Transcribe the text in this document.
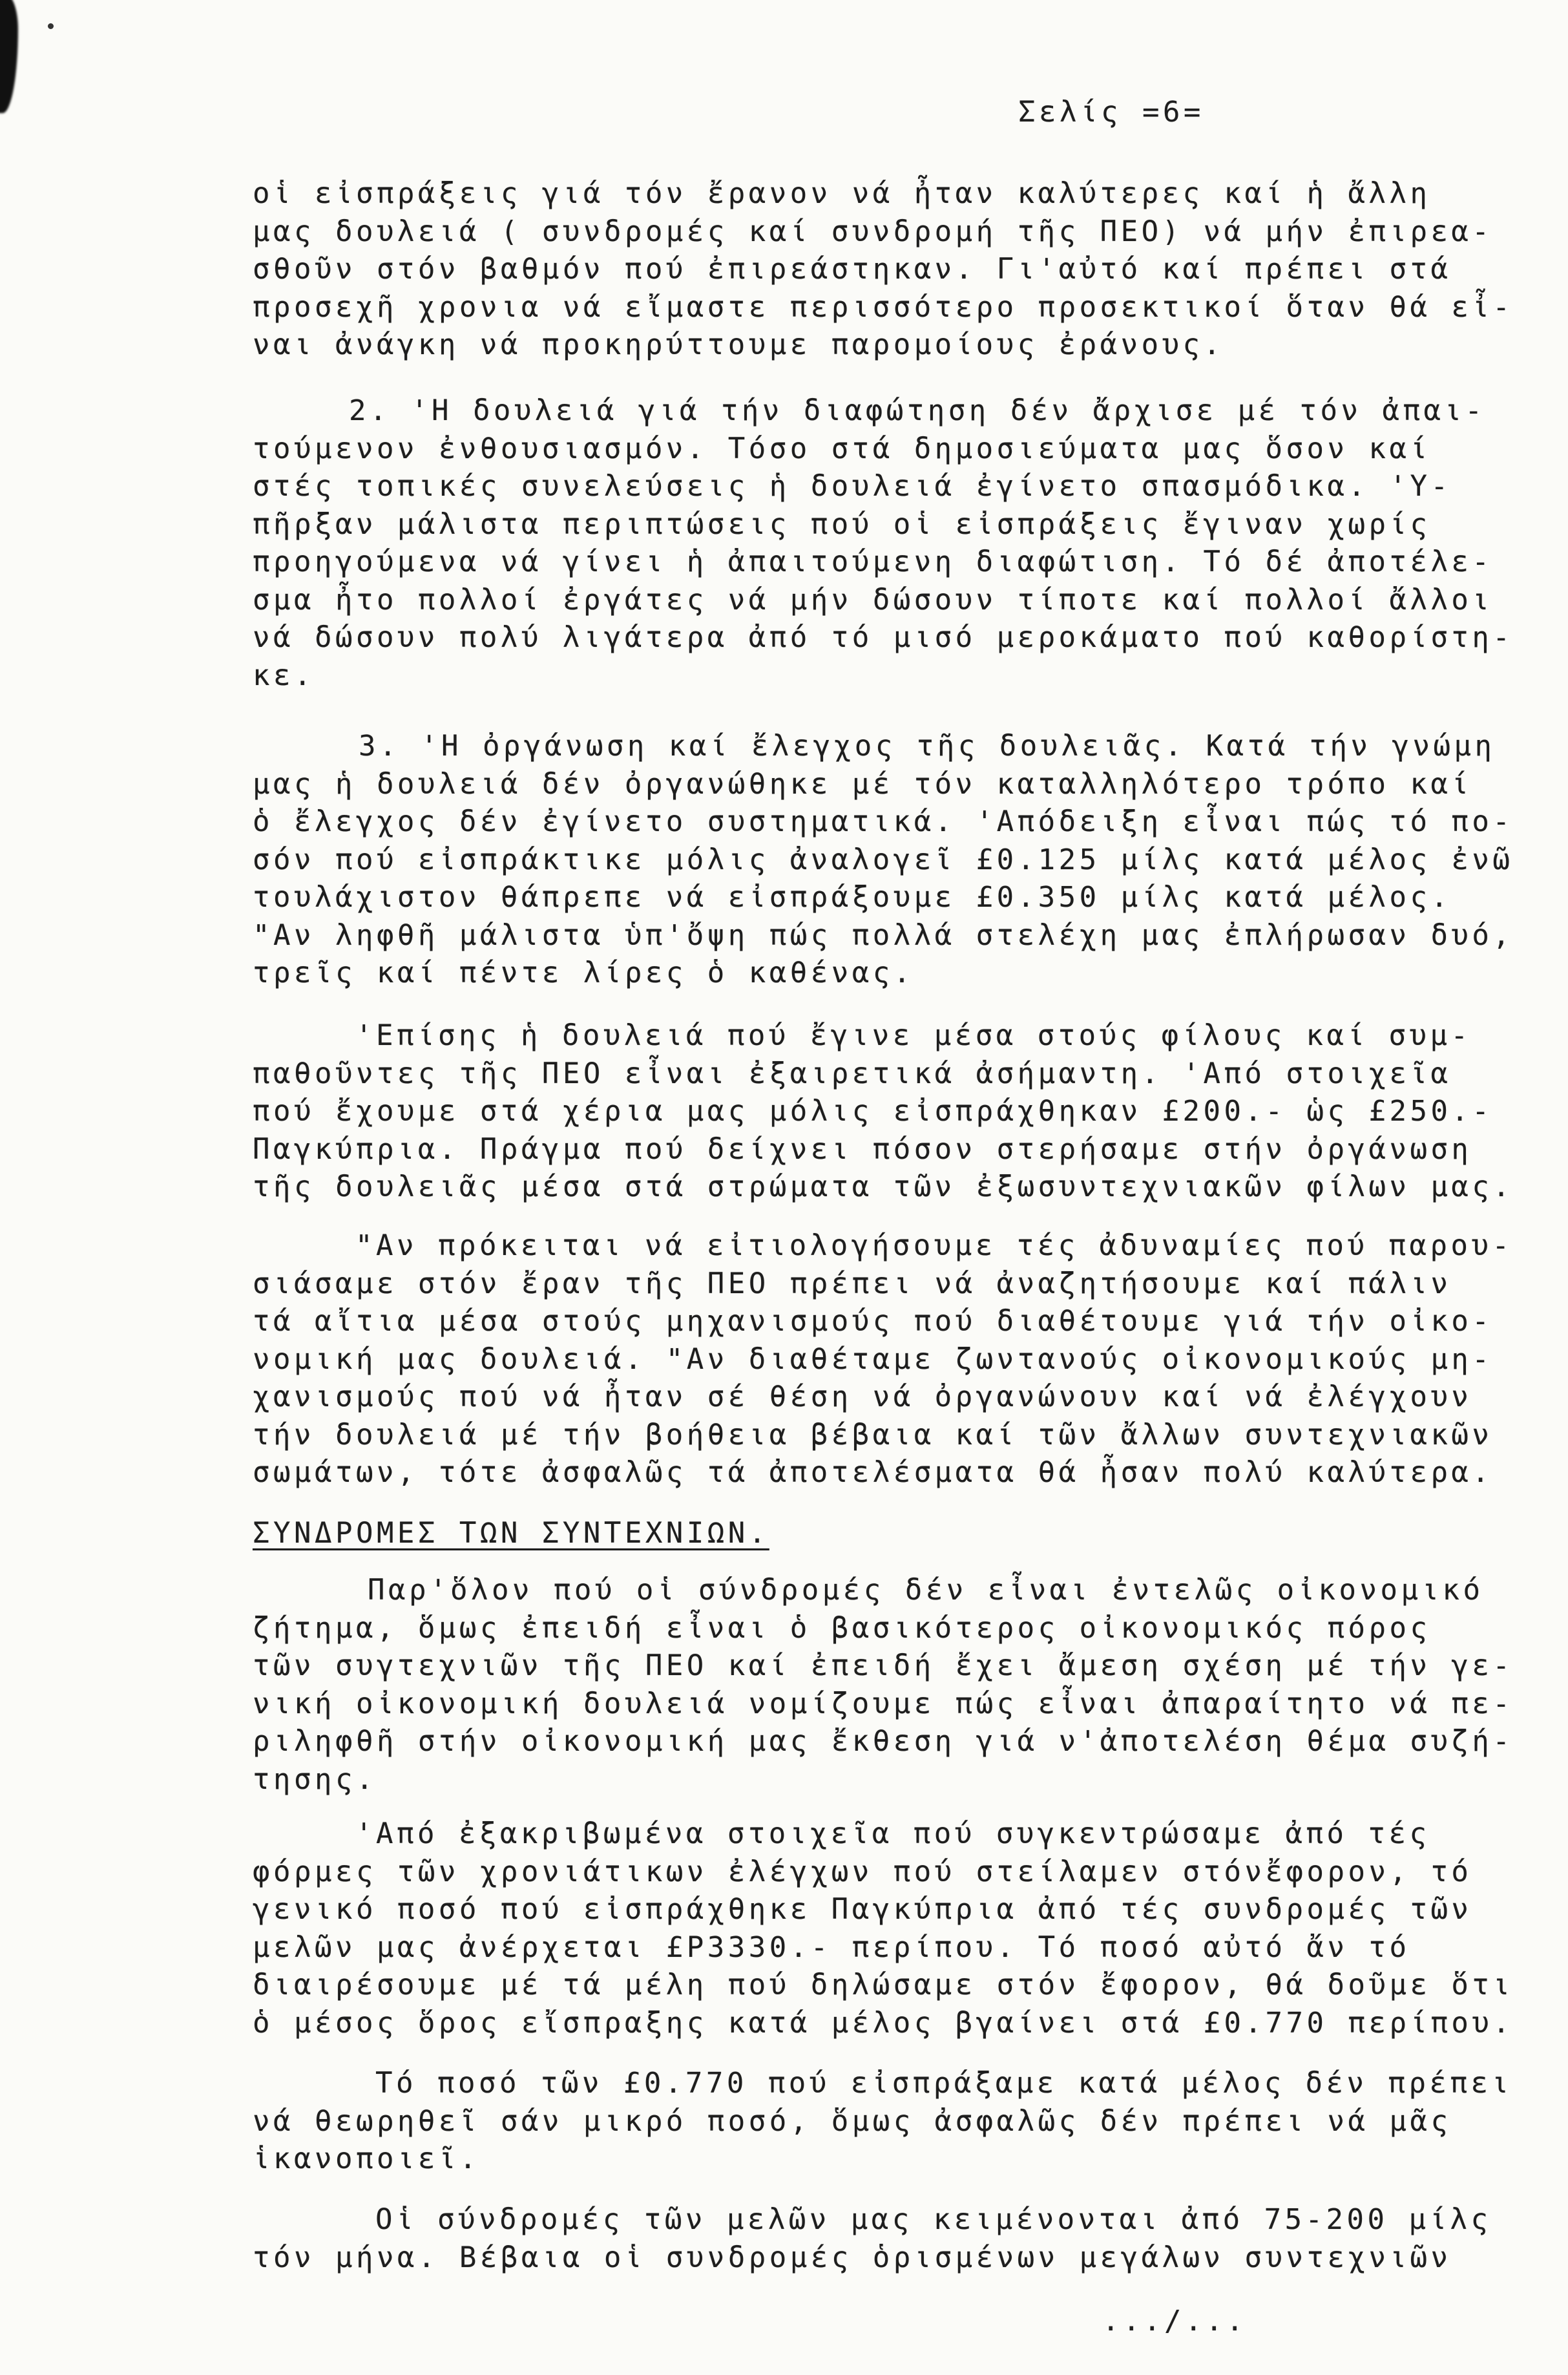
Σελίς =6=
οἱ εἰσπράξεις γιά τόν ἔρανον νά ἦταν καλύτερες καί ἡ ἄλλη
μας δουλειά ( συνδρομές καί συνδρομή τῆς ΠΕΟ) νά μήν ἐπιρεα-
σθοῦν στόν βαθμόν πού ἐπιρεάστηκαν. Γι'αὐτό καί πρέπει στά
προσεχῆ χρονια νά εἴμαστε περισσότερο προσεκτικοί ὅταν θά εἶ-
ναι ἀνάγκη νά προκηρύττουμε παρομοίους ἐράνους.
2. 'Η δουλειά γιά τήν διαφώτηση δέν ἄρχισε μέ τόν ἀπαι-
τούμενον ἐνθουσιασμόν. Τόσο στά δημοσιεύματα μας ὅσον καί
στές τοπικές συνελεύσεις ἡ δουλειά ἐγίνετο σπασμόδικα. 'Υ-
πῆρξαν μάλιστα περιπτώσεις πού οἱ εἰσπράξεις ἔγιναν χωρίς
προηγούμενα νά γίνει ἡ ἀπαιτούμενη διαφώτιση. Τό δέ ἀποτέλε-
σμα ἦτο πολλοί ἐργάτες νά μήν δώσουν τίποτε καί πολλοί ἄλλοι
νά δώσουν πολύ λιγάτερα ἀπό τό μισό μεροκάματο πού καθορίστη-
κε.
3. 'Η ὀργάνωση καί ἔλεγχος τῆς δουλειᾶς. Κατά τήν γνώμη
μας ἡ δουλειά δέν ὀργανώθηκε μέ τόν καταλληλότερο τρόπο καί
ὁ ἔλεγχος δέν ἐγίνετο συστηματικά. 'Απόδειξη εἶναι πώς τό πο-
σόν πού εἰσπράκτικε μόλις ἀναλογεῖ £0.125 μίλς κατά μέλος ἐνῶ
τουλάχιστον θάπρεπε νά εἰσπράξουμε £0.350 μίλς κατά μέλος.
"Αν ληφθῆ μάλιστα ὑπ'ὄψη πώς πολλά στελέχη μας ἐπλήρωσαν δυό,
τρεῖς καί πέντε λίρες ὁ καθένας.
'Επίσης ἡ δουλειά πού ἔγινε μέσα στούς φίλους καί συμ-
παθοῦντες τῆς ΠΕΟ εἶναι ἐξαιρετικά ἀσήμαντη. 'Από στοιχεῖα
πού ἔχουμε στά χέρια μας μόλις εἰσπράχθηκαν £200.- ὡς £250.-
Παγκύπρια. Πράγμα πού δείχνει πόσον στερήσαμε στήν ὀργάνωση
τῆς δουλειᾶς μέσα στά στρώματα τῶν ἐξωσυντεχνιακῶν φίλων μας.
"Αν πρόκειται νά εἰτιολογήσουμε τές ἀδυναμίες πού παρου-
σιάσαμε στόν ἔραν τῆς ΠΕΟ πρέπει νά ἀναζητήσουμε καί πάλιν
τά αἴτια μέσα στούς μηχανισμούς πού διαθέτουμε γιά τήν οἰκο-
νομική μας δουλειά. "Αν διαθέταμε ζωντανούς οἰκονομικούς μη-
χανισμούς πού νά ἦταν σέ θέση νά ὀργανώνουν καί νά ἐλέγχουν
τήν δουλειά μέ τήν βοήθεια βέβαια καί τῶν ἄλλων συντεχνιακῶν
σωμάτων, τότε ἀσφαλῶς τά ἀποτελέσματα θά ἦσαν πολύ καλύτερα.
ΣΥΝΔΡΟΜΕΣ ΤΩΝ ΣΥΝΤΕΧΝΙΩΝ.
Παρ'ὅλον πού οἱ σύνδρομές δέν εἶναι ἐντελῶς οἰκονομικό
ζήτημα, ὅμως ἐπειδή εἶναι ὁ βασικότερος οἰκονομικός πόρος
τῶν συγτεχνιῶν τῆς ΠΕΟ καί ἐπειδή ἔχει ἄμεση σχέση μέ τήν γε-
νική οἰκονομική δουλειά νομίζουμε πώς εἶναι ἀπαραίτητο νά πε-
ριληφθῆ στήν οἰκονομική μας ἔκθεση γιά ν'ἀποτελέση θέμα συζή-
τησης.
'Από ἐξακριβωμένα στοιχεῖα πού συγκεντρώσαμε ἀπό τές
φόρμες τῶν χρονιάτικων ἐλέγχων πού στείλαμεν στόνἔφορον, τό
γενικό ποσό πού εἰσπράχθηκε Παγκύπρια ἀπό τές συνδρομές τῶν
μελῶν μας ἀνέρχεται £Ρ3330.- περίπου. Τό ποσό αὐτό ἄν τό
διαιρέσουμε μέ τά μέλη πού δηλώσαμε στόν ἔφορον, θά δοῦμε ὅτι
ὁ μέσος ὅρος εἴσπραξης κατά μέλος βγαίνει στά £0.770 περίπου.
Τό ποσό τῶν £0.770 πού εἰσπράξαμε κατά μέλος δέν πρέπει
νά θεωρηθεῖ σάν μικρό ποσό, ὅμως ἀσφαλῶς δέν πρέπει νά μᾶς
ἱκανοποιεῖ.
Οἱ σύνδρομές τῶν μελῶν μας κειμένονται ἀπό 75-200 μίλς
τόν μήνα. Βέβαια οἱ συνδρομές ὁρισμένων μεγάλων συντεχνιῶν
.../...
